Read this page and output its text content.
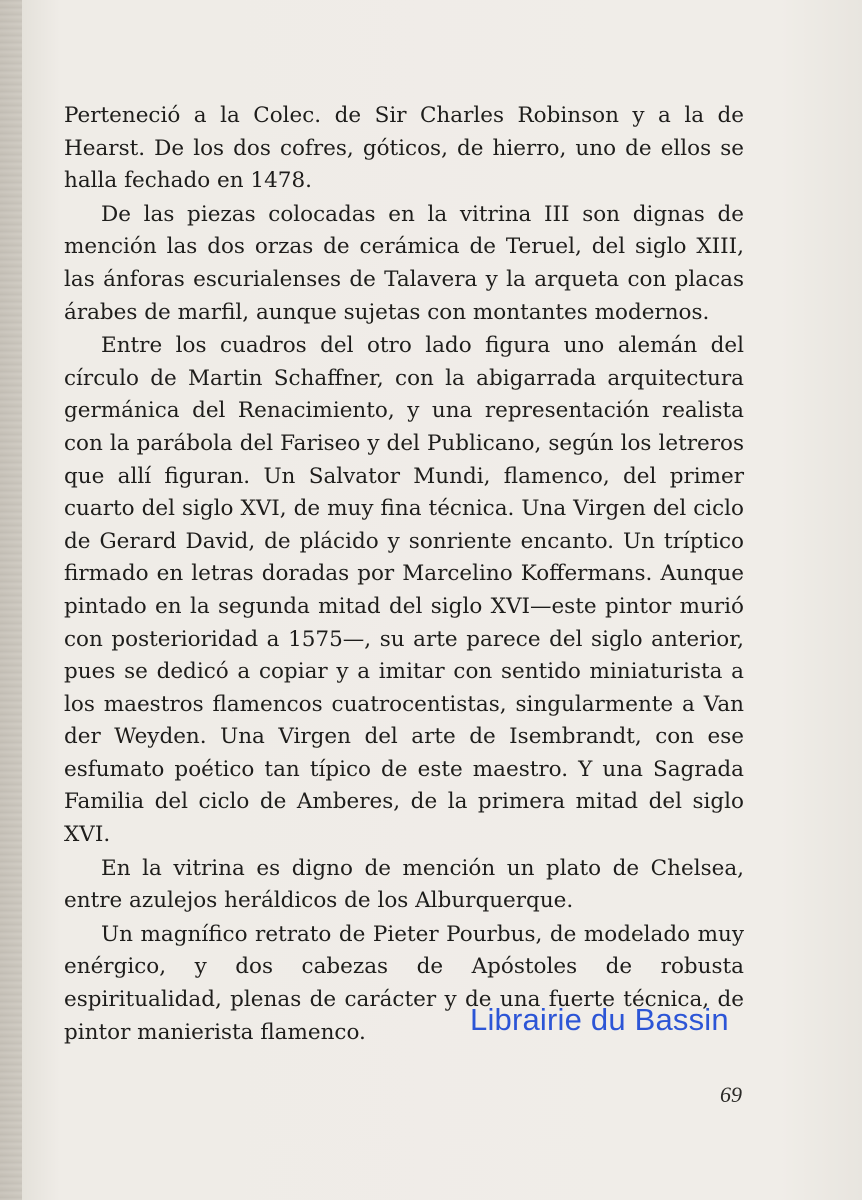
Perteneció a la Colec. de Sir Charles Robinson y a la de Hearst. De los dos cofres, góticos, de hierro, uno de ellos se halla fechado en 1478.

De las piezas colocadas en la vitrina III son dignas de mención las dos orzas de cerámica de Teruel, del siglo XIII, las ánforas escurialenses de Talavera y la arqueta con placas árabes de marfil, aunque sujetas con montantes modernos.

Entre los cuadros del otro lado figura uno alemán del círculo de Martin Schaffner, con la abigarrada arquitectura germánica del Renacimiento, y una representación realista con la parábola del Fariseo y del Publicano, según los letreros que allí figuran. Un Salvator Mundi, flamenco, del primer cuarto del siglo XVI, de muy fina técnica. Una Virgen del ciclo de Gerard David, de plácido y sonriente encanto. Un tríptico firmado en letras doradas por Marcelino Koffermans. Aunque pintado en la segunda mitad del siglo XVI—este pintor murió con posterioridad a 1575—, su arte parece del siglo anterior, pues se dedicó a copiar y a imitar con sentido miniaturista a los maestros flamencos cuatrocentistas, singularmente a Van der Weyden. Una Virgen del arte de Isembrandt, con ese esfumato poético tan típico de este maestro. Y una Sagrada Familia del ciclo de Amberes, de la primera mitad del siglo XVI.

En la vitrina es digno de mención un plato de Chelsea, entre azulejos heráldicos de los Alburquerque.

Un magnífico retrato de Pieter Pourbus, de modelado muy enérgico, y dos cabezas de Apóstoles de robusta espiritualidad, plenas de carácter y de una fuerte técnica, de pintor manierista flamenco.	Librairie du Bassin
69
